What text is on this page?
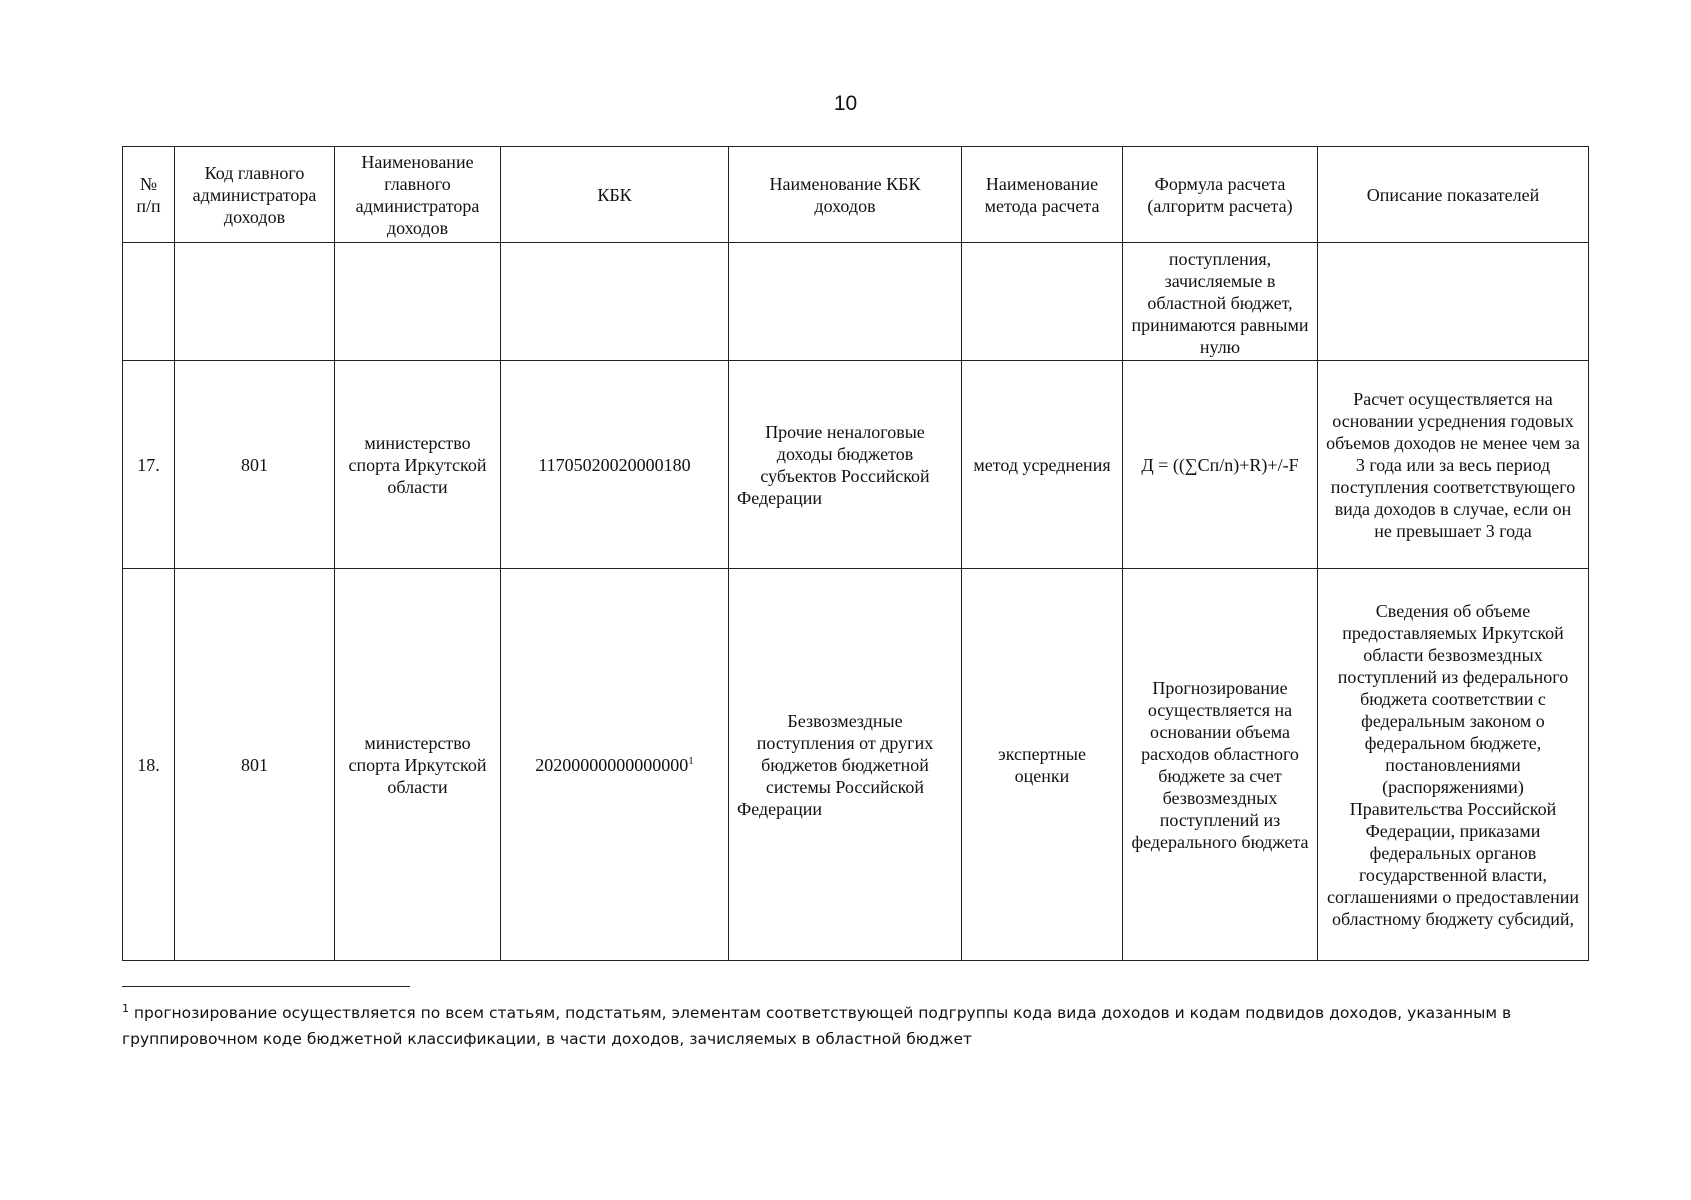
10
№ п/п	Код главного администратора доходов	Наименование главного администратора доходов	КБК	Наименование КБК доходов	Наименование метода расчета	Формула расчета (алгоритм расчета)	Описание показателей
						поступления, зачисляемые в областной бюджет, принимаются равными нулю	
17.	801	министерство спорта Иркутской области	11705020020000180	Прочие неналоговые доходы бюджетов субъектов Российской Федерации	метод усреднения	Д = ((∑Сп/n)+R)+/-F	Расчет осуществляется на основании усреднения годовых объемов доходов не менее чем за 3 года или за весь период поступления соответствующего вида доходов в случае, если он не превышает 3 года
18.	801	министерство спорта Иркутской области	20200000000000000$^1$	Безвозмездные поступления от других бюджетов бюджетной системы Российской Федерации	экспертные оценки	Прогнозирование осуществляется на основании объема расходов областного бюджете за счет безвозмездных поступлений из федерального бюджета	Сведения об объеме предоставляемых Иркутской области безвозмездных поступлений из федерального бюджета соответствии с федеральным законом о федеральном бюджете, постановлениями (распоряжениями) Правительства Российской Федерации, приказами федеральных органов государственной власти, соглашениями о предоставлении областному бюджету субсидий,
$^1$ прогнозирование осуществляется по всем статьям, подстатьям, элементам соответствующей подгруппы кода вида доходов и кодам подвидов доходов, указанным в группировочном коде бюджетной классификации, в части доходов, зачисляемых в областной бюджет
